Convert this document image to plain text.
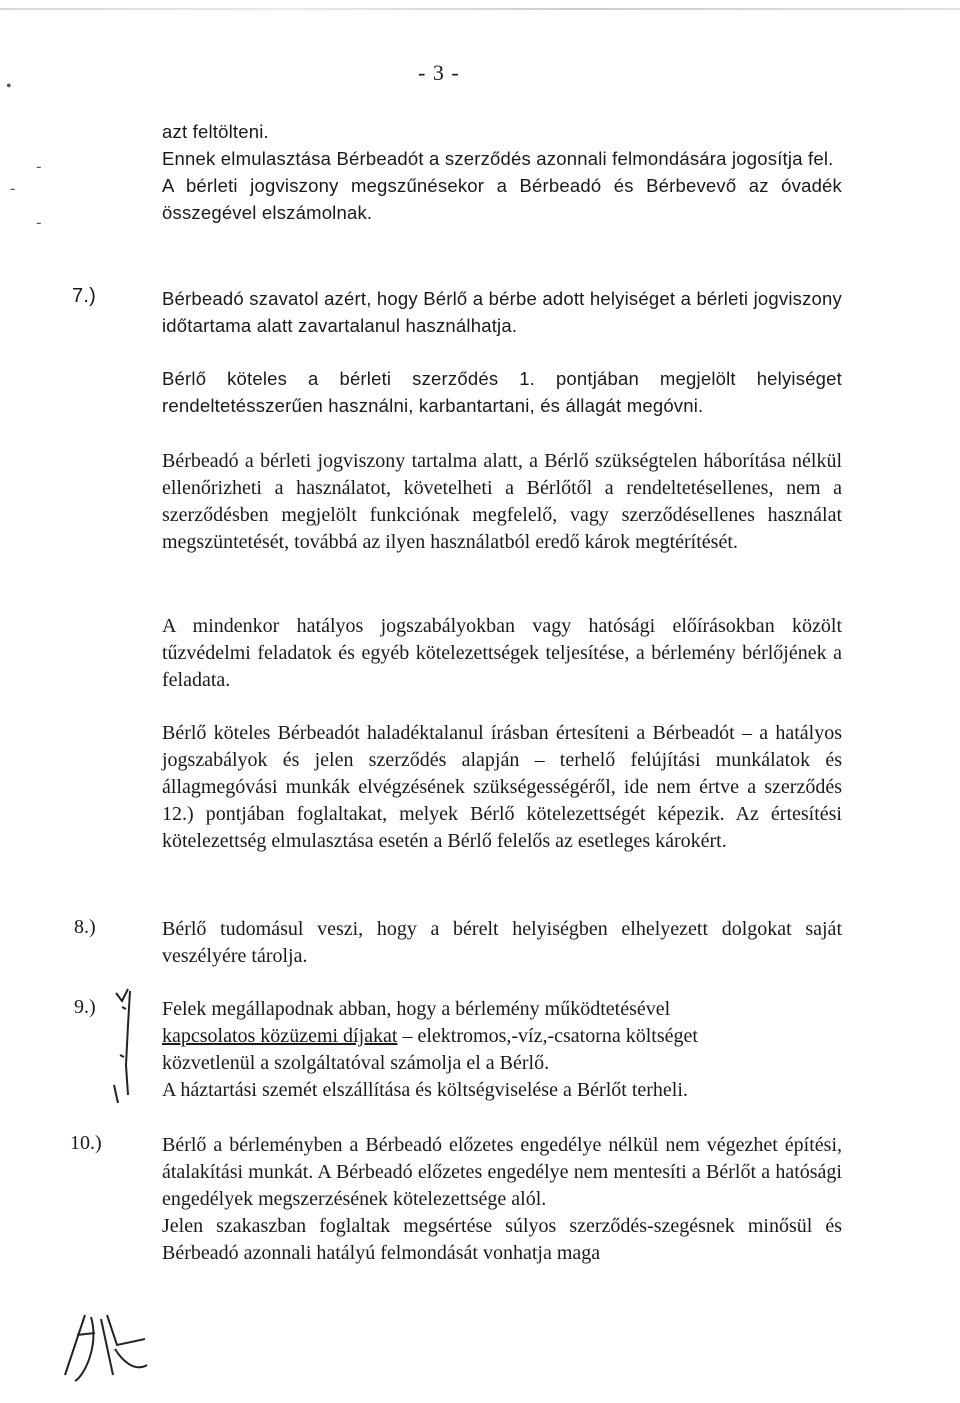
•
-
-
-
- 3 -

azt feltölteni.

Ennek elmulasztása Bérbeadót a szerződés azonnali felmondására jogosítja fel.

A bérleti jogviszony megszűnésekor a Bérbeadó és Bérbevevő az óvadék összegével elszámolnak.

7.)	Bérbeadó szavatol azért, hogy Bérlő a bérbe adott helyiséget a bérleti jogviszony időtartama alatt zavartalanul használhatja.
Bérlő köteles a bérleti szerződés 1. pontjában megjelölt helyiséget rendeltetésszerűen használni, karbantartani, és állagát megóvni.
Bérbeadó a bérleti jogviszony tartalma alatt, a Bérlő szükségtelen háborítása nélkül ellenőrizheti a használatot, követelheti a Bérlőtől a rendeltetésellenes, nem a szerződésben megjelölt funkciónak megfelelő, vagy szerződésellenes használat megszüntetését, továbbá az ilyen használatból eredő károk megtérítését.
A mindenkor hatályos jogszabályokban vagy hatósági előírásokban közölt tűzvédelmi feladatok és egyéb kötelezettségek teljesítése, a bérlemény bérlőjének a feladata.
Bérlő köteles Bérbeadót haladéktalanul írásban értesíteni a Bérbeadót – a hatályos jogszabályok és jelen szerződés alapján – terhelő felújítási munkálatok és állagmegóvási munkák elvégzésének szükségességéről, ide nem értve a szerződés 12.) pontjában foglaltakat, melyek Bérlő kötelezettségét képezik. Az értesítési kötelezettség elmulasztása esetén a Bérlő felelős az esetleges károkért.
8.)	Bérlő tudomásul veszi, hogy a bérelt helyiségben elhelyezett dolgokat saját veszélyére tárolja.
9.)	Felek megállapodnak abban, hogy a bérlemény működtetésével

kapcsolatos közüzemi díjakat – elektromos,-víz,-csatorna költséget

közvetlenül a szolgáltatóval számolja el a Bérlő.

A háztartási szemét elszállítása és költségviselése a Bérlőt terheli.

10.)	Bérlő a bérleményben a Bérbeadó előzetes engedélye nélkül nem végezhet építési, átalakítási munkát. A Bérbeadó előzetes engedélye nem mentesíti a Bérlőt a hatósági engedélyek megszerzésének kötelezettsége alól.

Jelen szakaszban foglaltak megsértése súlyos szerződés-szegésnek minősül és Bérbeadó azonnali hatályú felmondását vonhatja maga
